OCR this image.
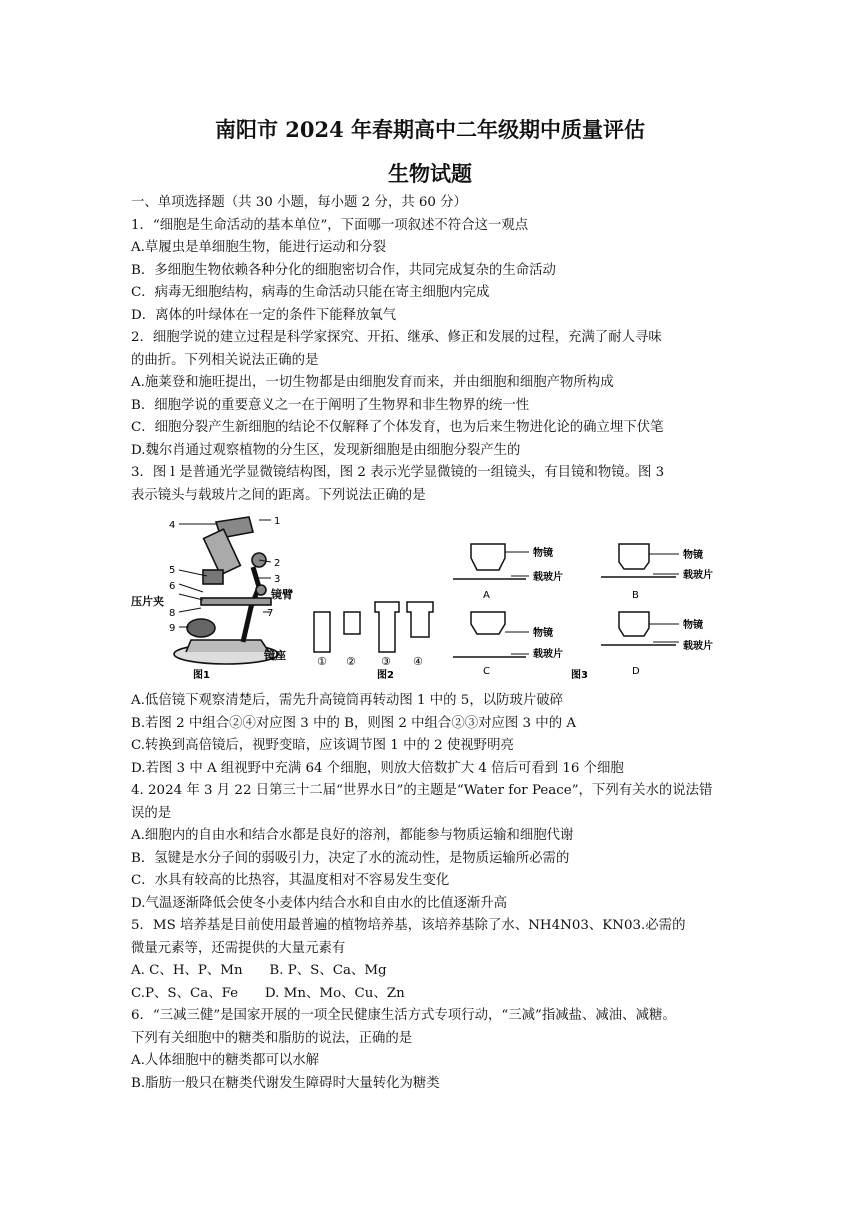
南阳市 2024 年春期高中二年级期中质量评估
生物试题
一、单项选择题（共 30 小题，每小题 2 分，共 60 分）
1．“细胞是生命活动的基本单位”，下面哪一项叙述不符合这一观点
A.草履虫是单细胞生物，能进行运动和分裂
B．多细胞生物依赖各种分化的细胞密切合作，共同完成复杂的生命活动
C．病毒无细胞结构，病毒的生命活动只能在寄主细胞内完成
D．离体的叶绿体在一定的条件下能释放氧气
2．细胞学说的建立过程是科学家探究、开拓、继承、修正和发展的过程，充满了耐人寻味
的曲折。下列相关说法正确的是
A.施莱登和施旺提出，一切生物都是由细胞发育而来，并由细胞和细胞产物所构成
B．细胞学说的重要意义之一在于阐明了生物界和非生物界的统一性
C．细胞分裂产生新细胞的结论不仅解释了个体发育，也为后来生物进化论的确立埋下伏笔
D.魏尔肖通过观察植物的分生区，发现新细胞是由细胞分裂产生的
3．图 l 是普通光学显微镜结构图，图 2 表示光学显微镜的一组镜头，有目镜和物镜。图 3
表示镜头与载玻片之间的距离。下列说法正确的是
4	1
2
3
5
6
7
8
9
压片夹
镜臂
镜座
图1
① ② ③ ④
图2
物镜
载玻片
A
物镜
载玻片
B
物镜
载玻片
C
物镜
载玻片
D
图3
A.低倍镜下观察清楚后，需先升高镜筒再转动图 1 中的 5，以防玻片破碎
B.若图 2 中组合②④对应图 3 中的 B，则图 2 中组合②③对应图 3 中的 A
C.转换到高倍镜后，视野变暗，应该调节图 1 中的 2 使视野明亮
D.若图 3 中 A 组视野中充满 64 个细胞，则放大倍数扩大 4 倍后可看到 16 个细胞
4. 2024 年 3 月 22 日第三十二届“世界水日”的主题是“Water for Peace”，下列有关水的说法错
误的是
A.细胞内的自由水和结合水都是良好的溶剂，都能参与物质运输和细胞代谢
B．氢键是水分子间的弱吸引力，决定了水的流动性，是物质运输所必需的
C．水具有较高的比热容，其温度相对不容易发生变化
D.气温逐渐降低会使冬小麦体内结合水和自由水的比值逐渐升高
5．MS 培养基是目前使用最普遍的植物培养基，该培养基除了水、NH4N03、KN03.必需的
微量元素等，还需提供的大量元素有
A. C、H、P、Mn　　B. P、S、Ca、Mg
C.P、S、Ca、Fe　　D. Mn、Mo、Cu、Zn
6．“三减三健”是国家开展的一项全民健康生活方式专项行动，“三减”指减盐、减油、减糖。
下列有关细胞中的糖类和脂肪的说法，正确的是
A.人体细胞中的糖类都可以水解
B.脂肪一般只在糖类代谢发生障碍时大量转化为糖类
